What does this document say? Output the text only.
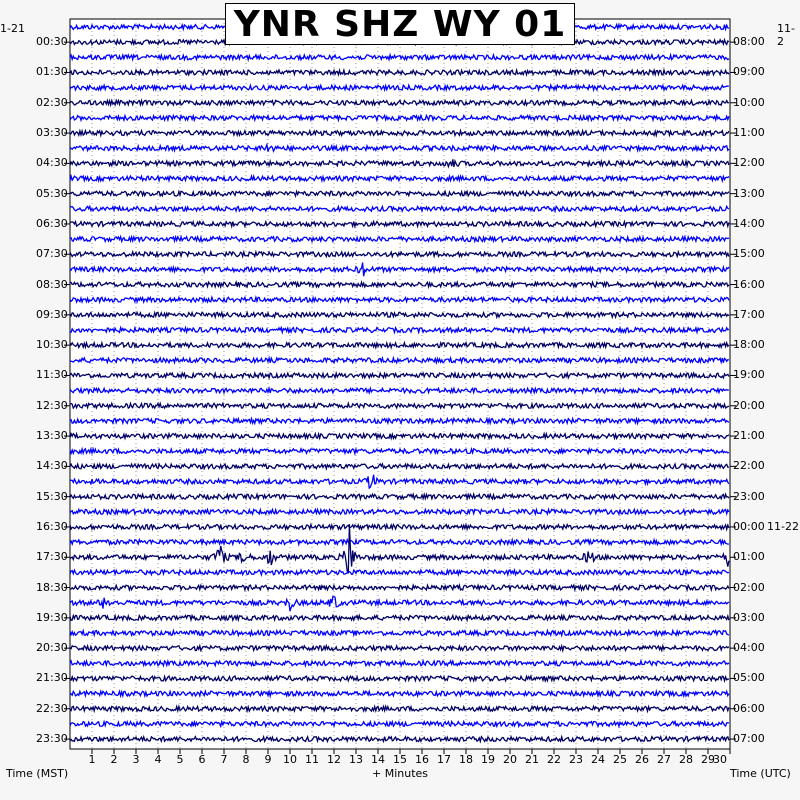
YNR SHZ WY 01
1-21	11-2
Time (MST)	+ Minutes	Time (UTC)
1	2	3	4	5	6	7	8	9	10 11 12 13 14 15 16 17 18 19 20 21 22 23 24 25 26 27 28 29
30
00:30
01:30
02:30
03:30
04:30
05:30
06:30
07:30
08:30
09:30
10:30
11:30
12:30
13:30
14:30
15:30
16:30
17:30
18:30
19:30
20:30
21:30
22:30
23:30
08:00
09:00
10:00
11:00
12:00
13:00
14:00
15:00
16:00
17:00
18:00
19:00
20:00
21:00
22:00
23:00
00:00 11-22
01:00
02:00
03:00
04:00
05:00
06:00
07:00
